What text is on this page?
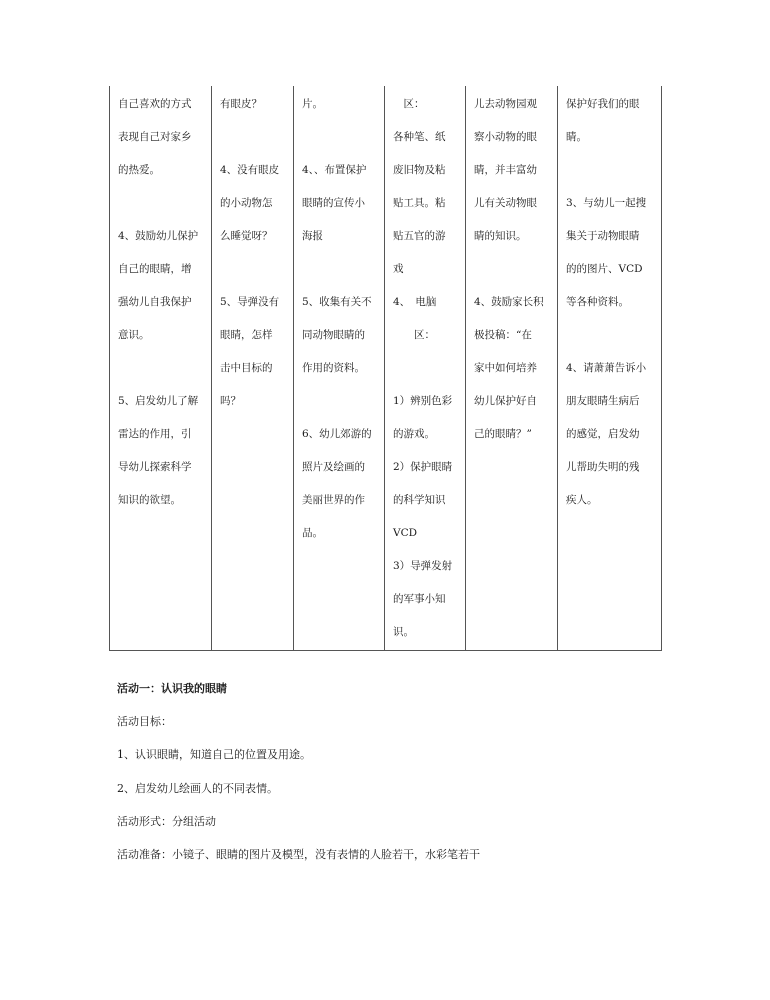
自己喜欢的方式
表现自己对家乡
的热爱。
4、鼓励幼儿保护
自己的眼睛，增
强幼儿自我保护
意识。
5、启发幼儿了解
雷达的作用，引
导幼儿探索科学
知识的欲望。
有眼皮？
4、没有眼皮
的小动物怎
么睡觉呀？
5、导弹没有
眼睛，怎样
击中目标的
吗？
片。
4、、布置保护
眼睛的宣传小
海报
5、收集有关不
同动物眼睛的
作用的资料。
6、幼儿郊游的
照片及绘画的
美丽世界的作
品。
　区：
各种笔、纸
废旧物及粘
贴工具。粘
贴五官的游
戏
4、　电脑
　　区：
1）辨别色彩
的游戏。
2）保护眼睛
的科学知识
VCD
3）导弹发射
的军事小知
识。
儿去动物园观
察小动物的眼
睛，并丰富幼
儿有关动物眼
睛的知识。
4、鼓励家长积
极投稿：“在
家中如何培养
幼儿保护好自
己的眼睛？”
保护好我们的眼
睛。
3、与幼儿一起搜
集关于动物眼睛
的的图片、VCD
等各种资料。
4、请萧萧告诉小
朋友眼睛生病后
的感觉，启发幼
儿帮助失明的残
疾人。
活动一：认识我的眼睛
活动目标：
1、认识眼睛，知道自己的位置及用途。
2、启发幼儿绘画人的不同表情。
活动形式：分组活动
活动准备：小镜子、眼睛的图片及模型，没有表情的人脸若干，水彩笔若干
